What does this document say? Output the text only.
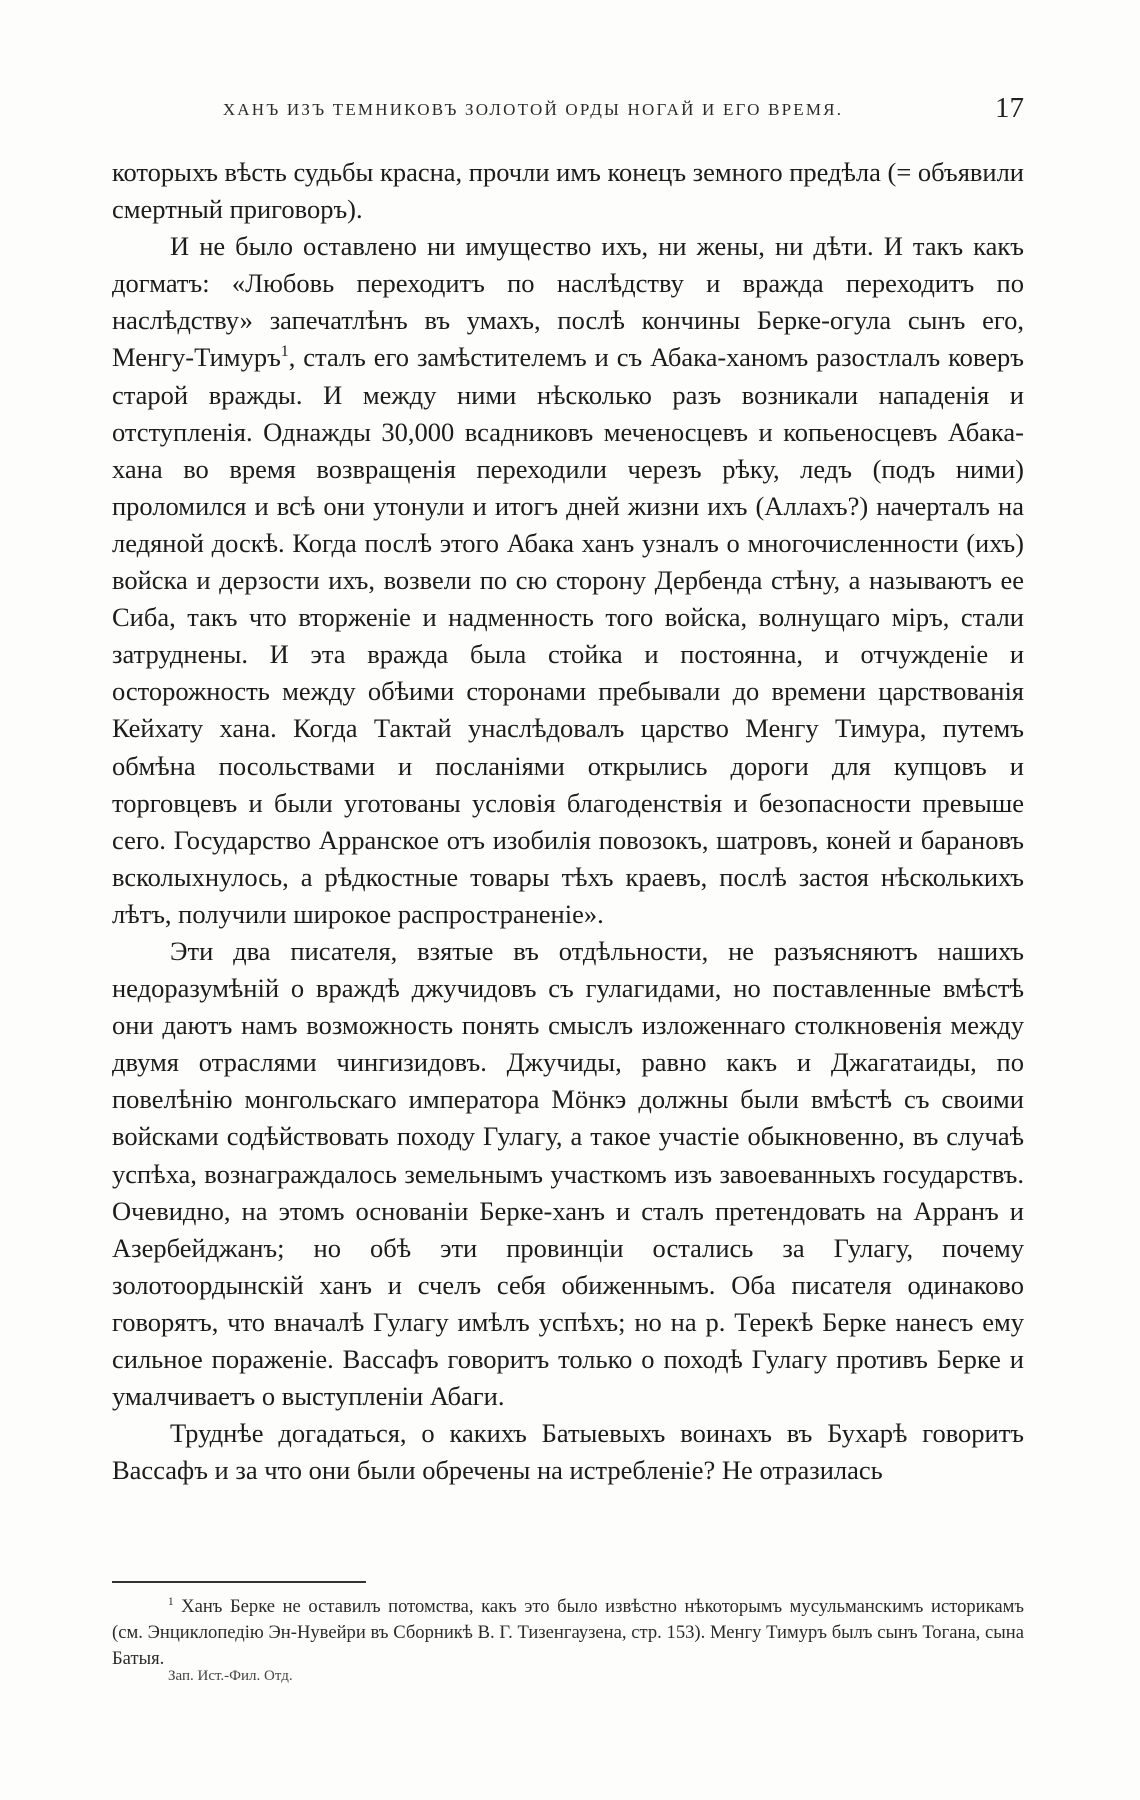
ХАНЪ ИЗЪ ТЕМНИКОВЪ ЗОЛОТОЙ ОРДЫ НОГАЙ И ЕГО ВРЕМЯ.	17

которыхъ вѣсть судьбы красна, прочли имъ конецъ земного предѣла (= объявили смертный приговоръ).

И не было оставлено ни имущество ихъ, ни жены, ни дѣти. И такъ какъ догматъ: «Любовь переходитъ по наслѣдству и вражда переходитъ по наслѣдству» запечатлѣнъ въ умахъ, послѣ кончины Берке-огула сынъ его, Менгу-Тимуръ$^1$, сталъ его замѣстителемъ и съ Абака-ханомъ разостлалъ коверъ старой вражды. И между ними нѣсколько разъ возникали нападенія и отступленія. Однажды 30,000 всадниковъ меченосцевъ и копьеносцевъ Абака-хана во время возвращенія переходили черезъ рѣку, ледъ (подъ ними) проломился и всѣ они утонули и итогъ дней жизни ихъ (Аллахъ?) начерталъ на ледяной доскѣ. Когда послѣ этого Абака ханъ узналъ о многочисленности (ихъ) войска и дерзости ихъ, возвели по сю сторону Дербенда стѣну, а называютъ ее Сиба, такъ что вторженіе и надменность того войска, волнущаго міръ, стали затруднены. И эта вражда была стойка и постоянна, и отчужденіе и осторожность между обѣими сторонами пребывали до времени царствованія Кейхату хана. Когда Тактай унаслѣдовалъ царство Менгу Тимура, путемъ обмѣна посольствами и посланіями открылись дороги для купцовъ и торговцевъ и были уготованы условія благоденствія и безопасности превыше сего. Государство Арранское отъ изобилія повозокъ, шатровъ, коней и барановъ всколыхнулось, а рѣдкостные товары тѣхъ краевъ, послѣ застоя нѣсколькихъ лѣтъ, получили широкое распространеніе».

Эти два писателя, взятые въ отдѣльности, не разъясняютъ нашихъ недоразумѣній о враждѣ джучидовъ съ гулагидами, но поставленные вмѣстѣ они даютъ намъ возможность понять смыслъ изложеннаго столкновенія между двумя отраслями чингизидовъ. Джучиды, равно какъ и Джагатаиды, по повелѣнію монгольскаго императора Мöнкэ должны были вмѣстѣ съ своими войсками содѣйствовать походу Гулагу, а такое участіе обыкновенно, въ случаѣ успѣха, вознаграждалось земельнымъ участкомъ изъ завоеванныхъ государствъ. Очевидно, на этомъ основаніи Берке-ханъ и сталъ претендовать на Арранъ и Азербейджанъ; но обѣ эти провинціи остались за Гулагу, почему золотоордынскій ханъ и счелъ себя обиженнымъ. Оба писателя одинаково говорятъ, что вначалѣ Гулагу имѣлъ успѣхъ; но на р. Терекѣ Берке нанесъ ему сильное пораженіе. Вассафъ говоритъ только о походѣ Гулагу противъ Берке и умалчиваетъ о выступленіи Абаги.

Труднѣе догадаться, о какихъ Батыевыхъ воинахъ въ Бухарѣ говоритъ Вассафъ и за что они были обречены на истребленіе? Не отразилась

$^1$ Ханъ Берке не оставилъ потомства, какъ это было извѣстно нѣкоторымъ мусульманскимъ историкамъ (см. Энциклопедію Эн-Нувейри въ Сборникѣ В. Г. Тизенгаузена, стр. 153). Менгу Тимуръ былъ сынъ Тогана, сына Батыя.

Зап. Ист.-Фил. Отд.
